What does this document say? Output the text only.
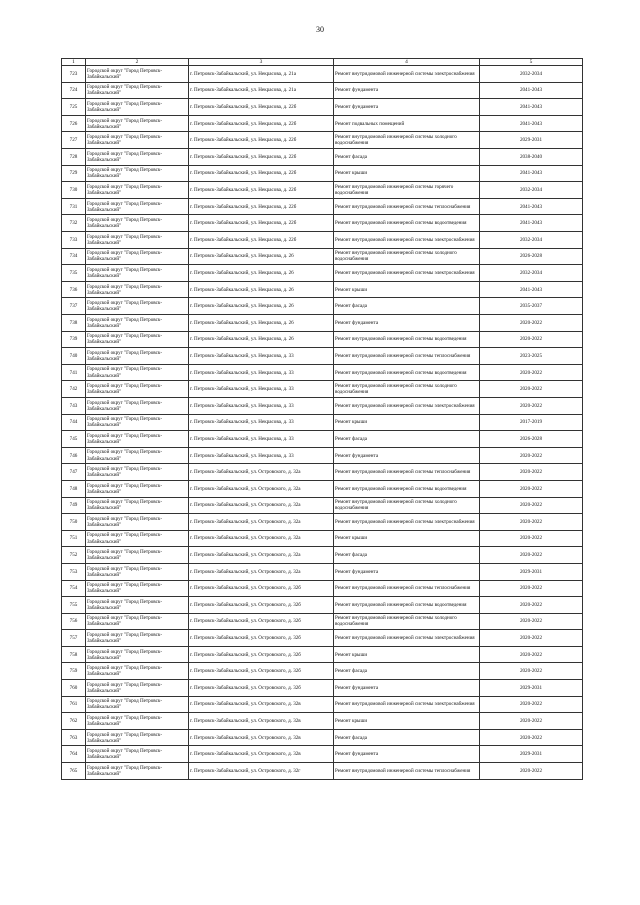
30
1	2	3	4	5
723	Городской округ "Город Петровск-Забайкальский"	г. Петровск-Забайкальский, ул. Некрасова, д. 21а	Ремонт внутридомовой инженерной системы электроснабжения	2032-2034
724	Городской округ "Город Петровск-Забайкальский"	г. Петровск-Забайкальский, ул. Некрасова, д. 21а	Ремонт фундамента	2041-2043
725	Городской округ "Город Петровск-Забайкальский"	г. Петровск-Забайкальский, ул. Некрасова, д. 22б	Ремонт фундамента	2041-2043
726	Городской округ "Город Петровск-Забайкальский"	г. Петровск-Забайкальский, ул. Некрасова, д. 22б	Ремонт подвальных помещений	2041-2043
727	Городской округ "Город Петровск-Забайкальский"	г. Петровск-Забайкальский, ул. Некрасова, д. 22б	Ремонт внутридомовой инженерной системы холодного водоснабжения	2029-2031
728	Городской округ "Город Петровск-Забайкальский"	г. Петровск-Забайкальский, ул. Некрасова, д. 22б	Ремонт фасада	2038-2040
729	Городской округ "Город Петровск-Забайкальский"	г. Петровск-Забайкальский, ул. Некрасова, д. 22б	Ремонт крыши	2041-2043
730	Городской округ "Город Петровск-Забайкальский"	г. Петровск-Забайкальский, ул. Некрасова, д. 22б	Ремонт внутридомовой инженерной системы горячего водоснабжения	2032-2034
731	Городской округ "Город Петровск-Забайкальский"	г. Петровск-Забайкальский, ул. Некрасова, д. 22б	Ремонт внутридомовой инженерной системы теплоснабжения	2041-2043
732	Городской округ "Город Петровск-Забайкальский"	г. Петровск-Забайкальский, ул. Некрасова, д. 22б	Ремонт внутридомовой инженерной системы водоотведения	2041-2043
733	Городской округ "Город Петровск-Забайкальский"	г. Петровск-Забайкальский, ул. Некрасова, д. 22б	Ремонт внутридомовой инженерной системы электроснабжения	2032-2034
734	Городской округ "Город Петровск-Забайкальский"	г. Петровск-Забайкальский, ул. Некрасова, д. 26	Ремонт внутридомовой инженерной системы холодного водоснабжения	2026-2028
735	Городской округ "Город Петровск-Забайкальский"	г. Петровск-Забайкальский, ул. Некрасова, д. 26	Ремонт внутридомовой инженерной системы электроснабжения	2032-2034
736	Городской округ "Город Петровск-Забайкальский"	г. Петровск-Забайкальский, ул. Некрасова, д. 26	Ремонт крыши	2041-2043
737	Городской округ "Город Петровск-Забайкальский"	г. Петровск-Забайкальский, ул. Некрасова, д. 26	Ремонт фасада	2035-2037
738	Городской округ "Город Петровск-Забайкальский"	г. Петровск-Забайкальский, ул. Некрасова, д. 26	Ремонт фундамента	2020-2022
739	Городской округ "Город Петровск-Забайкальский"	г. Петровск-Забайкальский, ул. Некрасова, д. 26	Ремонт внутридомовой инженерной системы водоотведения	2020-2022
740	Городской округ "Город Петровск-Забайкальский"	г. Петровск-Забайкальский, ул. Некрасова, д. 33	Ремонт внутридомовой инженерной системы теплоснабжения	2023-2025
741	Городской округ "Город Петровск-Забайкальский"	г. Петровск-Забайкальский, ул. Некрасова, д. 33	Ремонт внутридомовой инженерной системы водоотведения	2020-2022
742	Городской округ "Город Петровск-Забайкальский"	г. Петровск-Забайкальский, ул. Некрасова, д. 33	Ремонт внутридомовой инженерной системы холодного водоснабжения	2020-2022
743	Городской округ "Город Петровск-Забайкальский"	г. Петровск-Забайкальский, ул. Некрасова, д. 33	Ремонт внутридомовой инженерной системы электроснабжения	2020-2022
744	Городской округ "Город Петровск-Забайкальский"	г. Петровск-Забайкальский, ул. Некрасова, д. 33	Ремонт крыши	2017-2019
745	Городской округ "Город Петровск-Забайкальский"	г. Петровск-Забайкальский, ул. Некрасова, д. 33	Ремонт фасада	2026-2028
746	Городской округ "Город Петровск-Забайкальский"	г. Петровск-Забайкальский, ул. Некрасова, д. 33	Ремонт фундамента	2020-2022
747	Городской округ "Город Петровск-Забайкальский"	г. Петровск-Забайкальский, ул. Островского, д. 32а	Ремонт внутридомовой инженерной системы теплоснабжения	2020-2022
748	Городской округ "Город Петровск-Забайкальский"	г. Петровск-Забайкальский, ул. Островского, д. 32а	Ремонт внутридомовой инженерной системы водоотведения	2020-2022
749	Городской округ "Город Петровск-Забайкальский"	г. Петровск-Забайкальский, ул. Островского, д. 32а	Ремонт внутридомовой инженерной системы холодного водоснабжения	2020-2022
750	Городской округ "Город Петровск-Забайкальский"	г. Петровск-Забайкальский, ул. Островского, д. 32а	Ремонт внутридомовой инженерной системы электроснабжения	2020-2022
751	Городской округ "Город Петровск-Забайкальский"	г. Петровск-Забайкальский, ул. Островского, д. 32а	Ремонт крыши	2020-2022
752	Городской округ "Город Петровск-Забайкальский"	г. Петровск-Забайкальский, ул. Островского, д. 32а	Ремонт фасада	2020-2022
753	Городской округ "Город Петровск-Забайкальский"	г. Петровск-Забайкальский, ул. Островского, д. 32а	Ремонт фундамента	2029-2031
754	Городской округ "Город Петровск-Забайкальский"	г. Петровск-Забайкальский, ул. Островского, д. 32б	Ремонт внутридомовой инженерной системы теплоснабжения	2020-2022
755	Городской округ "Город Петровск-Забайкальский"	г. Петровск-Забайкальский, ул. Островского, д. 32б	Ремонт внутридомовой инженерной системы водоотведения	2020-2022
756	Городской округ "Город Петровск-Забайкальский"	г. Петровск-Забайкальский, ул. Островского, д. 32б	Ремонт внутридомовой инженерной системы холодного водоснабжения	2020-2022
757	Городской округ "Город Петровск-Забайкальский"	г. Петровск-Забайкальский, ул. Островского, д. 32б	Ремонт внутридомовой инженерной системы электроснабжения	2020-2022
758	Городской округ "Город Петровск-Забайкальский"	г. Петровск-Забайкальский, ул. Островского, д. 32б	Ремонт крыши	2020-2022
759	Городской округ "Город Петровск-Забайкальский"	г. Петровск-Забайкальский, ул. Островского, д. 32б	Ремонт фасада	2020-2022
760	Городской округ "Город Петровск-Забайкальский"	г. Петровск-Забайкальский, ул. Островского, д. 32б	Ремонт фундамента	2029-2031
761	Городской округ "Город Петровск-Забайкальский"	г. Петровск-Забайкальский, ул. Островского, д. 32в	Ремонт внутридомовой инженерной системы электроснабжения	2020-2022
762	Городской округ "Город Петровск-Забайкальский"	г. Петровск-Забайкальский, ул. Островского, д. 32в	Ремонт крыши	2020-2022
763	Городской округ "Город Петровск-Забайкальский"	г. Петровск-Забайкальский, ул. Островского, д. 32в	Ремонт фасада	2020-2022
764	Городской округ "Город Петровск-Забайкальский"	г. Петровск-Забайкальский, ул. Островского, д. 32в	Ремонт фундамента	2029-2031
765	Городской округ "Город Петровск-Забайкальский"	г. Петровск-Забайкальский, ул. Островского, д. 32г	Ремонт внутридомовой инженерной системы теплоснабжения	2020-2022
